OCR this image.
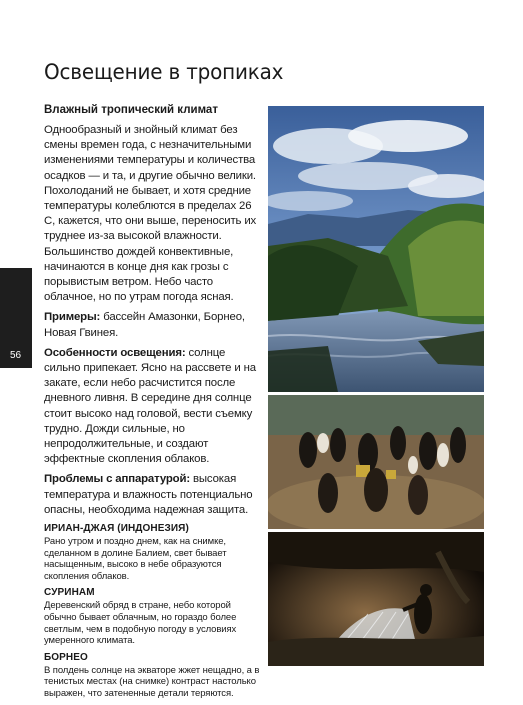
Освещение в тропиках
Влажный тропический климат

Однообразный и знойный климат без смены времен года, с незначительными изменениями температуры и количества осадков — и та, и другие обычно велики. Похолоданий не бывает, и хотя средние температуры колеблются в пределах 26 С, кажется, что они выше, переносить их труднее из-за высокой влажности. Большинство дождей конвективные, начинаются в конце дня как грозы с порывистым ветром. Небо часто облачное, но по утрам погода ясная.

Примеры: бассейн Амазонки, Борнео, Новая Гвинея.

Особенности освещения: солнце сильно припекает. Ясно на рассвете и на закате, если небо расчистится после дневного ливня. В середине дня солнце стоит высоко над головой, вести съемку трудно. Дожди сильные, но непродолжительные, и создают эффектные скопления облаков.

Проблемы с аппаратурой: высокая температура и влажность потенциально опасны, необходима надежная защита.

ИРИАН-ДЖАЯ (ИНДОНЕЗИЯ)
Рано утром и поздно днем, как на снимке, сделанном в долине Балием, свет бывает насыщенным, высоко в небе образуются скопления облаков.
СУРИНАМ
Деревенский обряд в стране, небо которой обычно бывает облачным, но гораздо более светлым, чем в подобную погоду в условиях умеренного климата.
БОРНЕО
В полдень солнце на экваторе жжет нещадно, а в тенистых местах (на снимке) контраст настолько выражен, что затененные детали теряются.
56
